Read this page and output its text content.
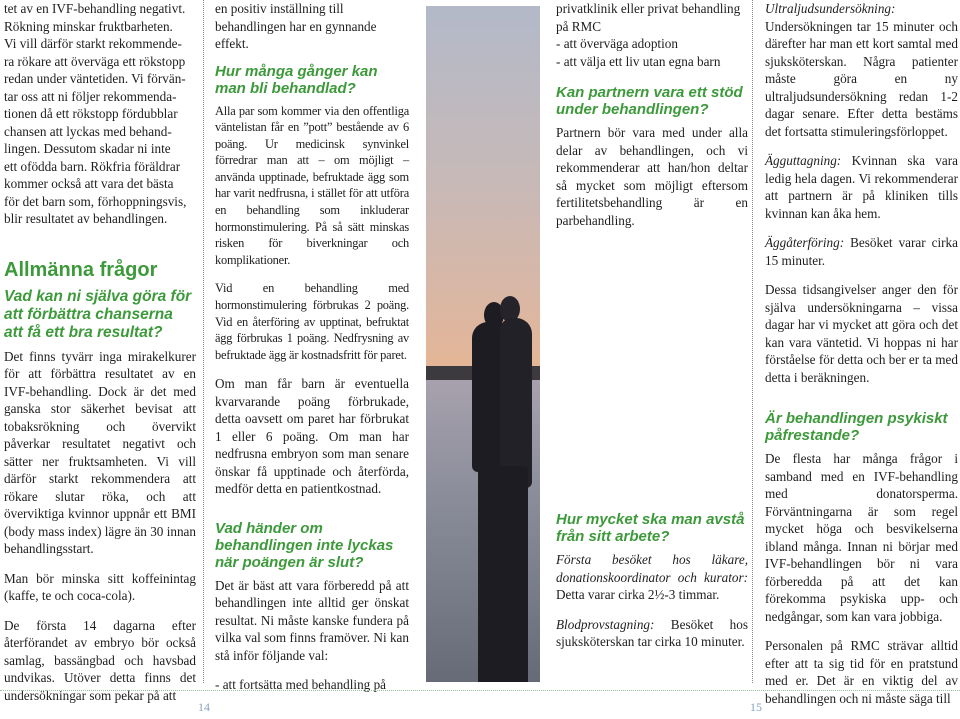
tet av en IVF-behandling negativt.
Rökning minskar fruktbarheten.
Vi vill därför starkt rekommende-
ra rökare att överväga ett rökstopp
redan under väntetiden. Vi förvän-
tar oss att ni följer rekommenda-
tionen då ett rökstopp fördubblar
chansen att lyckas med behand-
lingen. Dessutom skadar ni inte
ett ofödda barn. Rökfria föräldrar
kommer också att vara det bästa
för det barn som, förhoppningsvis,
blir resultatet av behandlingen.
Allmänna frågor
Vad kan ni själva göra för att förbättra chanserna att få ett bra resultat?

Det finns tyvärr inga mirakelkurer för att förbättra resultatet av en IVF-behandling. Dock är det med ganska stor säkerhet bevisat att tobaksrökning och övervikt påverkar resultatet negativt och sätter ner fruktsamheten. Vi vill därför starkt rekommendera att rökare slutar röka, och att överviktiga kvinnor uppnår ett BMI (body mass index) lägre än 30 innan behandlingsstart.

Man bör minska sitt koffeinintag (kaffe, te och coca-cola).

De första 14 dagarna efter återförandet av embryo bör också samlag, bassängbad och havsbad undvikas. Utöver detta finns det undersökningar som pekar på att

en positiv inställning till behandlingen har en gynnande effekt.

Hur många gånger kan man bli behandlad?

Alla par som kommer via den offentliga väntelistan får en ”pott” bestående av 6 poäng. Ur medicinsk synvinkel förredrar man att – om möjligt – använda upptinade, befruktade ägg som har varit nedfrusna, i stället för att utföra en behandling som inkluderar hormonstimulering. På så sätt minskas risken för biverkningar och komplikationer.

Vid en behandling med hormonstimulering förbrukas 2 poäng. Vid en återföring av upptinat, befruktat ägg förbrukas 1 poäng. Nedfrysning av befruktade ägg är kostnadsfritt för paret.

Om man får barn är eventuella kvarvarande poäng förbrukade, detta oavsett om paret har förbrukat 1 eller 6 poäng. Om man har nedfrusna embryon som man senare önskar få upptinade och återförda, medför detta en patientkostnad.

Vad händer om behandlingen inte lyckas när poängen är slut?

Det är bäst att vara förberedd på att behandlingen inte alltid ger önskat resultat. Ni måste kanske fundera på vilka val som finns framöver. Ni kan stå inför följande val:

- att fortsätta med behandling på

privatklinik eller privat behandling på RMC

- att överväga adoption

- att välja ett liv utan egna barn

Kan partnern vara ett stöd under behandlingen?

Partnern bör vara med under alla delar av behandlingen, och vi rekommenderar att han/hon deltar så mycket som möjligt eftersom fertilitetsbehandling är en parbehandling.

Hur mycket ska man avstå från sitt arbete?

Första besöket hos läkare, donationskoordinator och kurator: Detta varar cirka 2½-3 timmar.

Blodprovstagning: Besöket hos sjuksköterskan tar cirka 10 minuter.

Ultraljudsundersökning: Undersökningen tar 15 minuter och därefter har man ett kort samtal med sjuksköterskan. Några patienter måste göra en ny ultraljudsundersökning redan 1-2 dagar senare. Efter detta bestäms det fortsatta stimuleringsförloppet.

Ägguttagning: Kvinnan ska vara ledig hela dagen. Vi rekommenderar att partnern är på kliniken tills kvinnan kan åka hem.

Äggåterföring: Besöket varar cirka 15 minuter.

Dessa tidsangivelser anger den för själva undersökningarna – vissa dagar har vi mycket att göra och det kan vara väntetid. Vi hoppas ni har förståelse för detta och ber er ta med detta i beräkningen.

Är behandlingen psykiskt påfrestande?

De flesta har många frågor i samband med en IVF-behandling med donatorsperma. Förväntningarna är som regel mycket höga och besvikelserna ibland många. Innan ni börjar med IVF-behandlingen bör ni vara förberedda på att det kan förekomma psykiska upp- och nedgångar, som kan vara jobbiga.

Personalen på RMC strävar alltid efter att ta sig tid för en pratstund med er. Det är en viktig del av behandlingen och ni måste säga till

14	15
